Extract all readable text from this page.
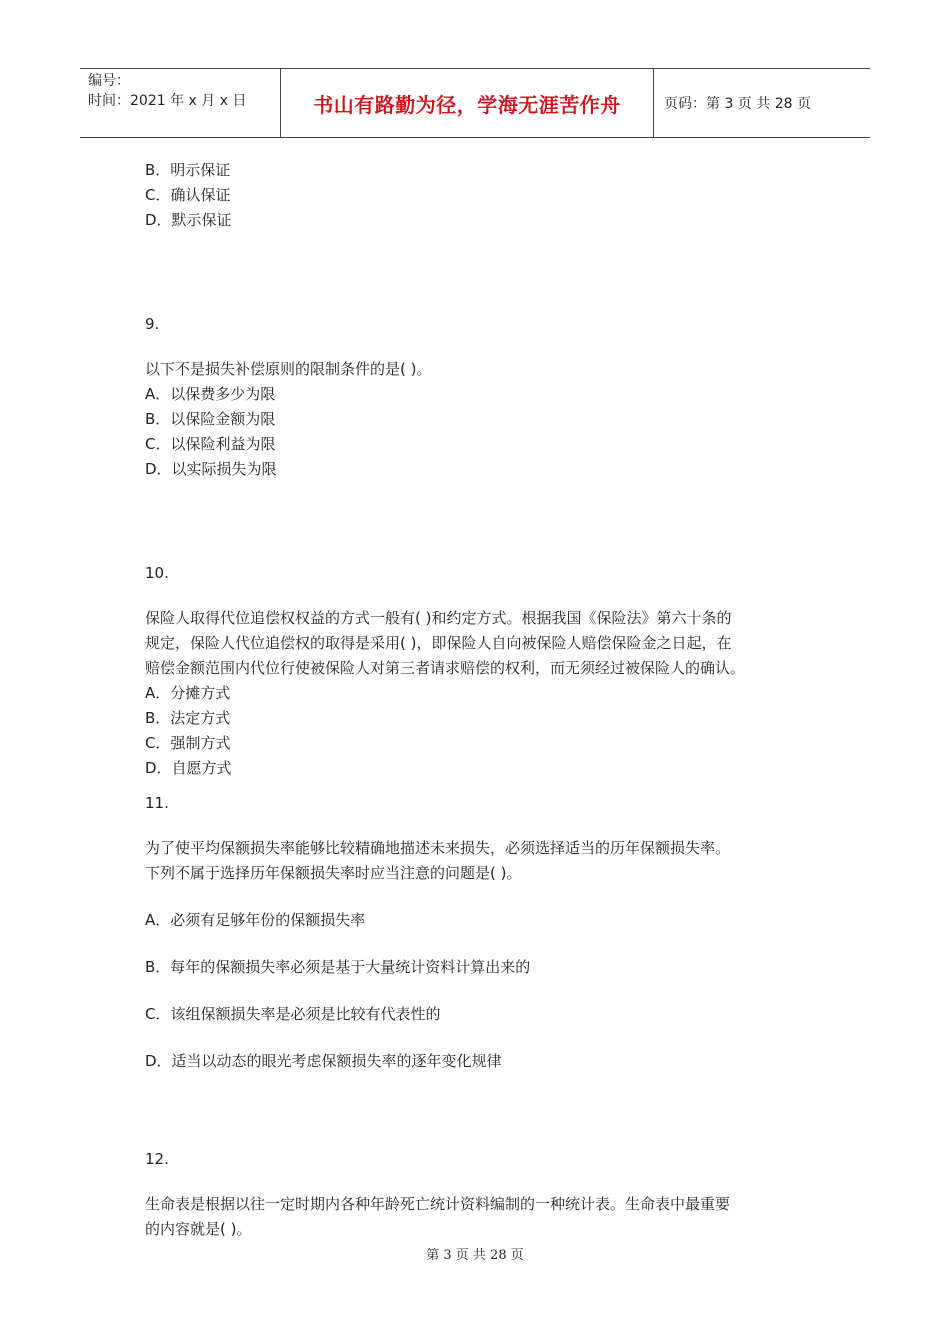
编号：
时间：2021 年 x 月 x 日	书山有路勤为径，学海无涯苦作舟	页码：第 3 页 共 28 页

B．明示保证

C．确认保证

D．默示保证

9.

以下不是损失补偿原则的限制条件的是( )。

A．以保费多少为限

B．以保险金额为限

C．以保险利益为限

D．以实际损失为限

10.

保险人取得代位追偿权权益的方式一般有( )和约定方式。根据我国《保险法》第六十条的

规定，保险人代位追偿权的取得是采用( )，即保险人自向被保险人赔偿保险金之日起，在

赔偿金额范围内代位行使被保险人对第三者请求赔偿的权利，而无须经过被保险人的确认。

A．分摊方式

B．法定方式

C．强制方式

D．自愿方式

11.

为了使平均保额损失率能够比较精确地描述未来损失，必须选择适当的历年保额损失率。

下列不属于选择历年保额损失率时应当注意的问题是( )。

A．必须有足够年份的保额损失率

B．每年的保额损失率必须是基于大量统计资料计算出来的

C．该组保额损失率是必须是比较有代表性的

D．适当以动态的眼光考虑保额损失率的逐年变化规律

12.

生命表是根据以往一定时期内各种年龄死亡统计资料编制的一种统计表。生命表中最重要

的内容就是( )。

第 3 页 共 28 页
